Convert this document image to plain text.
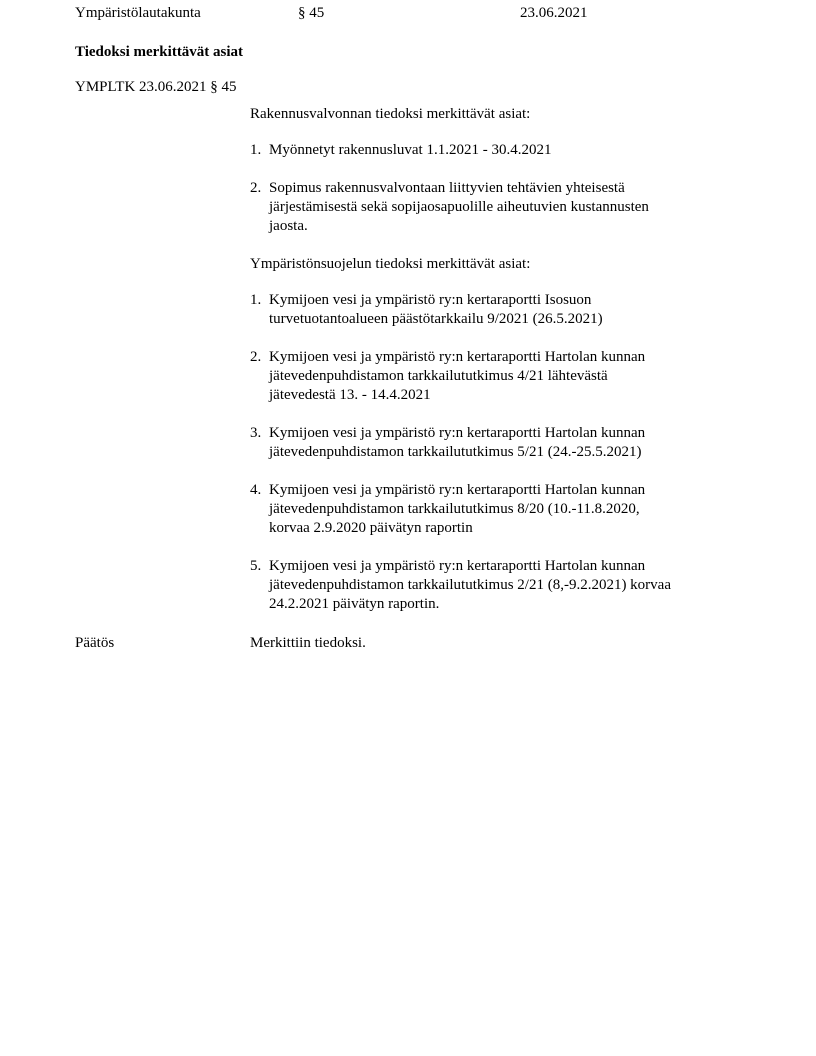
Ympäristölautakunta	§ 45	23.06.2021
Tiedoksi merkittävät asiat
YMPLTK 23.06.2021 § 45
Rakennusvalvonnan tiedoksi merkittävät asiat:
Myönnetyt rakennusluvat 1.1.2021 - 30.4.2021
Sopimus rakennusvalvontaan liittyvien tehtävien yhteisestä järjestämisestä sekä sopijaosapuolille aiheutuvien kustannusten jaosta.
Ympäristönsuojelun tiedoksi merkittävät asiat:
Kymijoen vesi ja ympäristö ry:n kertaraportti Isosuon turvetuotantoalueen päästötarkkailu 9/2021 (26.5.2021)
Kymijoen vesi ja ympäristö ry:n kertaraportti Hartolan kunnan jätevedenpuhdistamon tarkkailututkimus 4/21 lähtevästä jätevedestä 13. - 14.4.2021
Kymijoen vesi ja ympäristö ry:n kertaraportti Hartolan kunnan jätevedenpuhdistamon tarkkailututkimus 5/21 (24.-25.5.2021)
Kymijoen vesi ja ympäristö ry:n kertaraportti Hartolan kunnan jätevedenpuhdistamon tarkkailututkimus 8/20 (10.-11.8.2020, korvaa 2.9.2020 päivätyn raportin
Kymijoen vesi ja ympäristö ry:n kertaraportti Hartolan kunnan jätevedenpuhdistamon tarkkailututkimus 2/21 (8,-9.2.2021) korvaa 24.2.2021 päivätyn raportin.
Päätös	Merkittiin tiedoksi.
